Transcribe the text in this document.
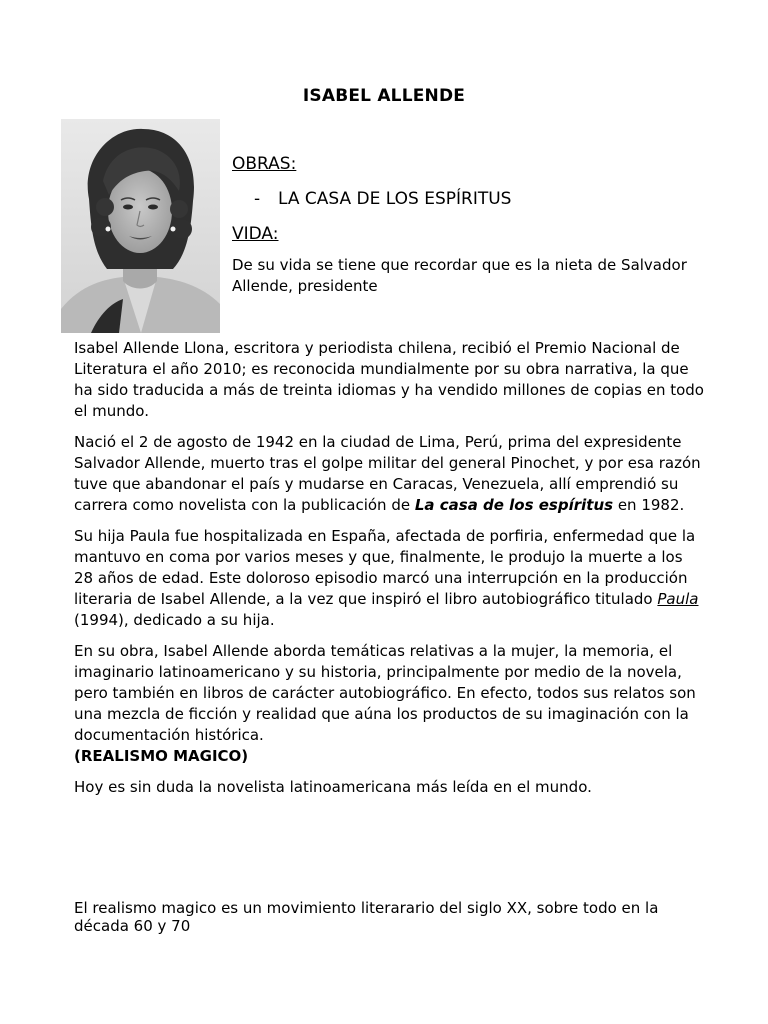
ISABEL ALLENDE
OBRAS:
- LA CASA DE LOS ESPÍRITUS
VIDA:
De su vida se tiene que recordar que es la nieta de Salvador Allende, presidente

Isabel Allende Llona, escritora y periodista chilena, recibió el Premio Nacional de Literatura el año 2010; es reconocida mundialmente por su obra narrativa, la que ha sido traducida a más de treinta idiomas y ha vendido millones de copias en todo el mundo.

Nació el 2 de agosto de 1942 en la ciudad de Lima, Perú, prima del expresidente Salvador Allende, muerto tras el golpe militar del general Pinochet, y por esa razón tuve que abandonar el país y mudarse en Caracas, Venezuela, allí emprendió su carrera como novelista con la publicación de La casa de los espíritus en 1982.

Su hija Paula fue hospitalizada en España, afectada de porfiria, enfermedad que la mantuvo en coma por varios meses y que, finalmente, le produjo la muerte a los 28 años de edad. Este doloroso episodio marcó una interrupción en la producción literaria de Isabel Allende, a la vez que inspiró el libro autobiográfico titulado Paula (1994), dedicado a su hija.

En su obra, Isabel Allende aborda temáticas relativas a la mujer, la memoria, el imaginario latinoamericano y su historia, principalmente por medio de la novela, pero también en libros de carácter autobiográfico. En efecto, todos sus relatos son una mezcla de ficción y realidad que aúna los productos de su imaginación con la documentación histórica.

(REALISMO MAGICO)

Hoy es sin duda la novelista latinoamericana más leída en el mundo.

El realismo magico es un movimiento literarario del siglo XX, sobre todo en la década 60 y 70
